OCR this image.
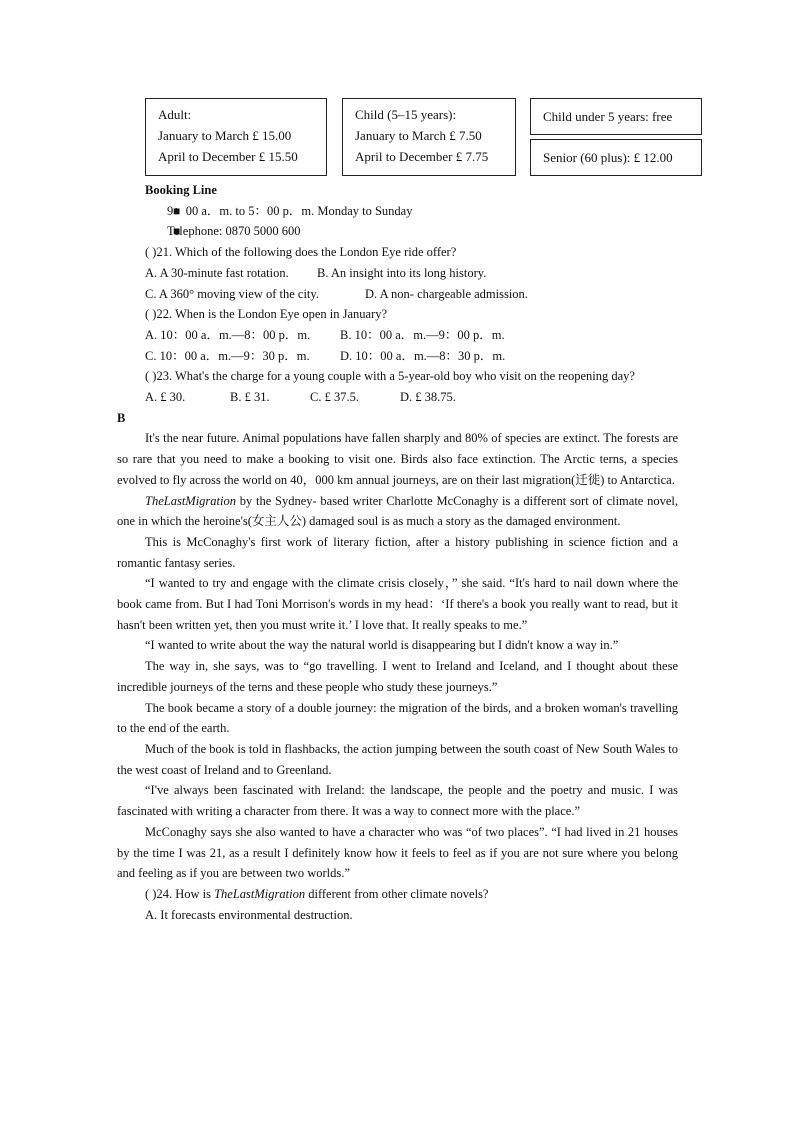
Adult:
January to March £ 15.00
April to December £ 15.50
Child (5–15 years):
January to March £ 7.50
April to December £ 7.75
Child under 5 years: free
Senior (60 plus): £ 12.00

Booking Line

■ 9：00 a．m. to 5：00 p．m. Monday to Sunday

■ Telephone: 0870 5000 600

( )21. Which of the following does the London Eye ride offer?

A. A 30-minute fast rotation. B. An insight into its long history.

C. A 360° moving view of the city.	D. A non- chargeable admission.

( )22. When is the London Eye open in January?

A. 10：00 a．m.—8：00 p．m. B. 10：00 a．m.—9：00 p．m.

C. 10：00 a．m.—9：30 p．m. D. 10：00 a．m.—8：30 p．m.

( )23. What's the charge for a young couple with a 5-year-old boy who visit on the reopening day?

A. £ 30.	B. £ 31.	C. £ 37.5.	D. £ 38.75.

B

It's the near future. Animal populations have fallen sharply and 80% of species are extinct. The forests are so rare that you need to make a booking to visit one. Birds also face extinction. The Arctic terns, a species evolved to fly across the world on 40，000 km annual journeys, are on their last migration(迁徙) to Antarctica.

TheLastMigration by the Sydney- based writer Charlotte McConaghy is a different sort of climate novel, one in which the heroine's(女主人公) damaged soul is as much a story as the damaged environment.

This is McConaghy's first work of literary fiction, after a history publishing in science fiction and a romantic fantasy series.

“I wanted to try and engage with the climate crisis closely，” she said. “It's hard to nail down where the book came from. But I had Toni Morrison's words in my head：‘If there's a book you really want to read, but it hasn't been written yet, then you must write it.’ I love that. It really speaks to me.”

“I wanted to write about the way the natural world is disappearing but I didn't know a way in.”

The way in, she says, was to “go travelling. I went to Ireland and Iceland, and I thought about these incredible journeys of the terns and these people who study these journeys.”

The book became a story of a double journey: the migration of the birds, and a broken woman's travelling to the end of the earth.

Much of the book is told in flashbacks, the action jumping between the south coast of New South Wales to the west coast of Ireland and to Greenland.

“I've always been fascinated with Ireland: the landscape, the people and the poetry and music. I was fascinated with writing a character from there. It was a way to connect more with the place.”

McConaghy says she also wanted to have a character who was “of two places”. “I had lived in 21 houses by the time I was 21, as a result I definitely know how it feels to feel as if you are not sure where you belong and feeling as if you are between two worlds.”

( )24. How is TheLastMigration different from other climate novels?

A. It forecasts environmental destruction.
